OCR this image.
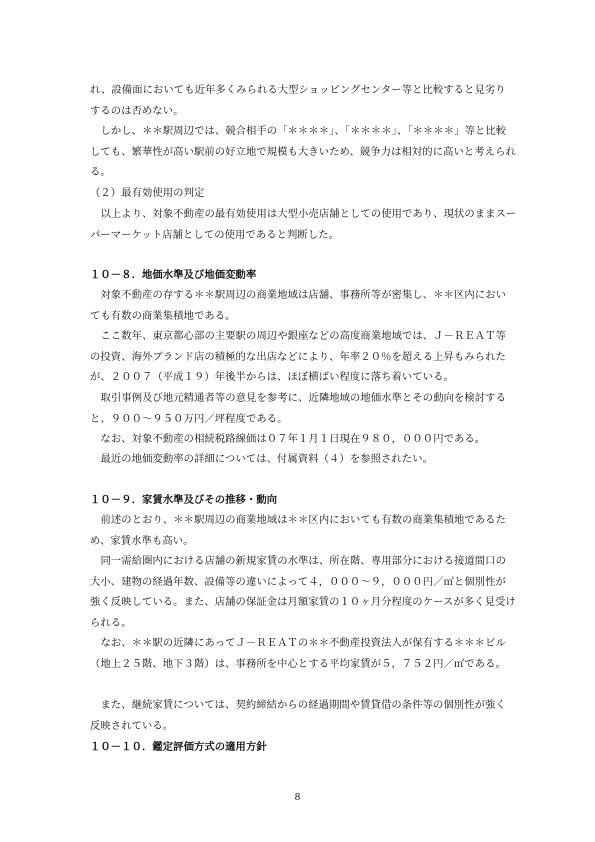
れ、設備面においても近年多くみられる大型ショッピングセンター等と比較すると見劣りするのは否めない。

しかし、＊＊駅周辺では、競合相手の「＊＊＊＊」、「＊＊＊＊」、「＊＊＊＊」等と比較しても、繁華性が高い駅前の好立地で規模も大きいため、競争力は相対的に高いと考えられる。

（２）最有効使用の判定

以上より、対象不動産の最有効使用は大型小売店舗としての使用であり、現状のままスーパーマーケット店舗としての使用であると判断した。

１０－８．地価水準及び地価変動率

対象不動産の存する＊＊駅周辺の商業地域は店舗、事務所等が密集し、＊＊区内においても有数の商業集積地である。

ここ数年、東京都心部の主要駅の周辺や銀座などの高度商業地域では、Ｊ－ＲＥＡＴ等の投資、海外ブランド店の積極的な出店などにより、年率２０％を超える上昇もみられたが、２００７（平成１９）年後半からは、ほぼ横ばい程度に落ち着いている。

取引事例及び地元精通者等の意見を参考に、近隣地域の地価水準とその動向を検討すると、９００～９５０万円／坪程度である。

なお、対象不動産の相続税路線価は０７年１月１日現在９８０，０００円である。

最近の地価変動率の詳細については、付属資料（４）を参照されたい。

１０－９．家賃水準及びその推移・動向

前述のとおり、＊＊駅周辺の商業地域は＊＊区内においても有数の商業集積地であるため、家賃水準も高い。

同一需給圏内における店舗の新規家賃の水準は、所在階、専用部分における接道間口の大小、建物の経過年数、設備等の違いによって４，０００～９，０００円／㎡と個別性が強く反映している。また、店舗の保証金は月額家賃の１０ヶ月分程度のケースが多く見受けられる。

なお、＊＊駅の近隣にあってＪ－ＲＥＡＴの＊＊不動産投資法人が保有する＊＊＊ビル（地上２５階、地下３階）は、事務所を中心とする平均家賃が５，７５２円／㎡である。

また、継続家賃については、契約締結からの経過期間や賃貸借の条件等の個別性が強く反映されている。

１０－１０．鑑定評価方式の適用方針

8
